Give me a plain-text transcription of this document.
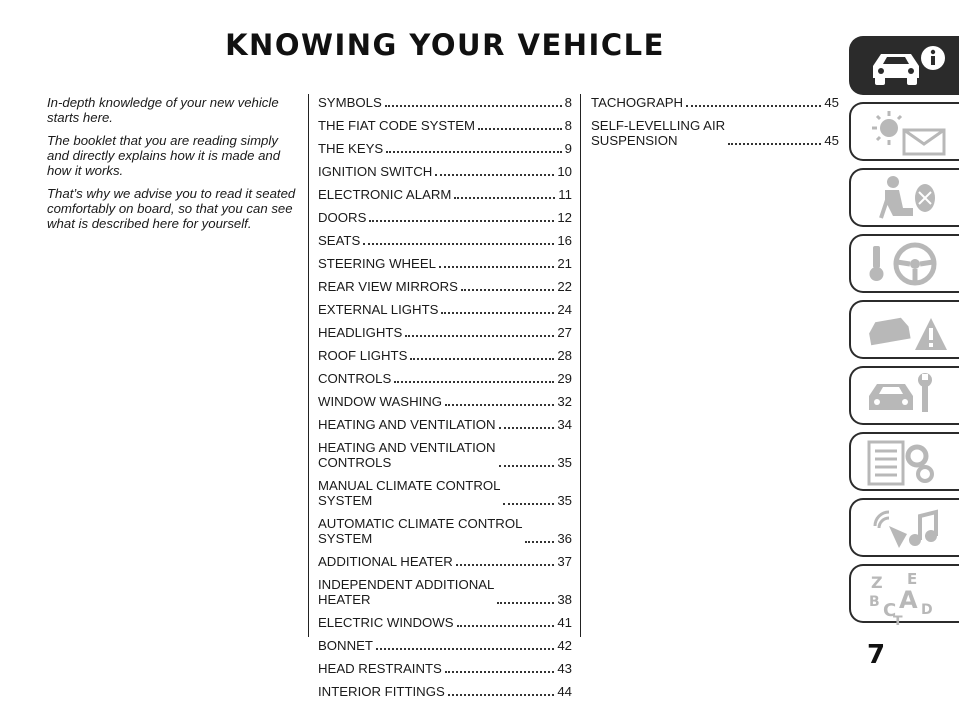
KNOWING YOUR VEHICLE

In-depth knowledge of your new vehicle starts here.

The booklet that you are reading simply and directly explains how it is made and how it works.

That’s why we advise you to read it seated comfortably on board, so that you can see what is described here for yourself.

SYMBOLS	8
THE FIAT CODE SYSTEM	8
THE KEYS	9
IGNITION SWITCH	10
ELECTRONIC ALARM	11
DOORS	12
SEATS	16
STEERING WHEEL	21
REAR VIEW MIRRORS	22
EXTERNAL LIGHTS	24
HEADLIGHTS	27
ROOF LIGHTS	28
CONTROLS	29
WINDOW WASHING	32
HEATING AND VENTILATION	34
HEATING AND VENTILATION
CONTROLS	35
MANUAL CLIMATE CONTROL
SYSTEM	35
AUTOMATIC CLIMATE CONTROL
SYSTEM	36
ADDITIONAL HEATER	37
INDEPENDENT ADDITIONAL
HEATER	38
ELECTRIC WINDOWS	41
BONNET	42
HEAD RESTRAINTS	43
INTERIOR FITTINGS	44
TACHOGRAPH	45
SELF-LEVELLING AIR
SUSPENSION	45
Z E
B A
C D
T
7
